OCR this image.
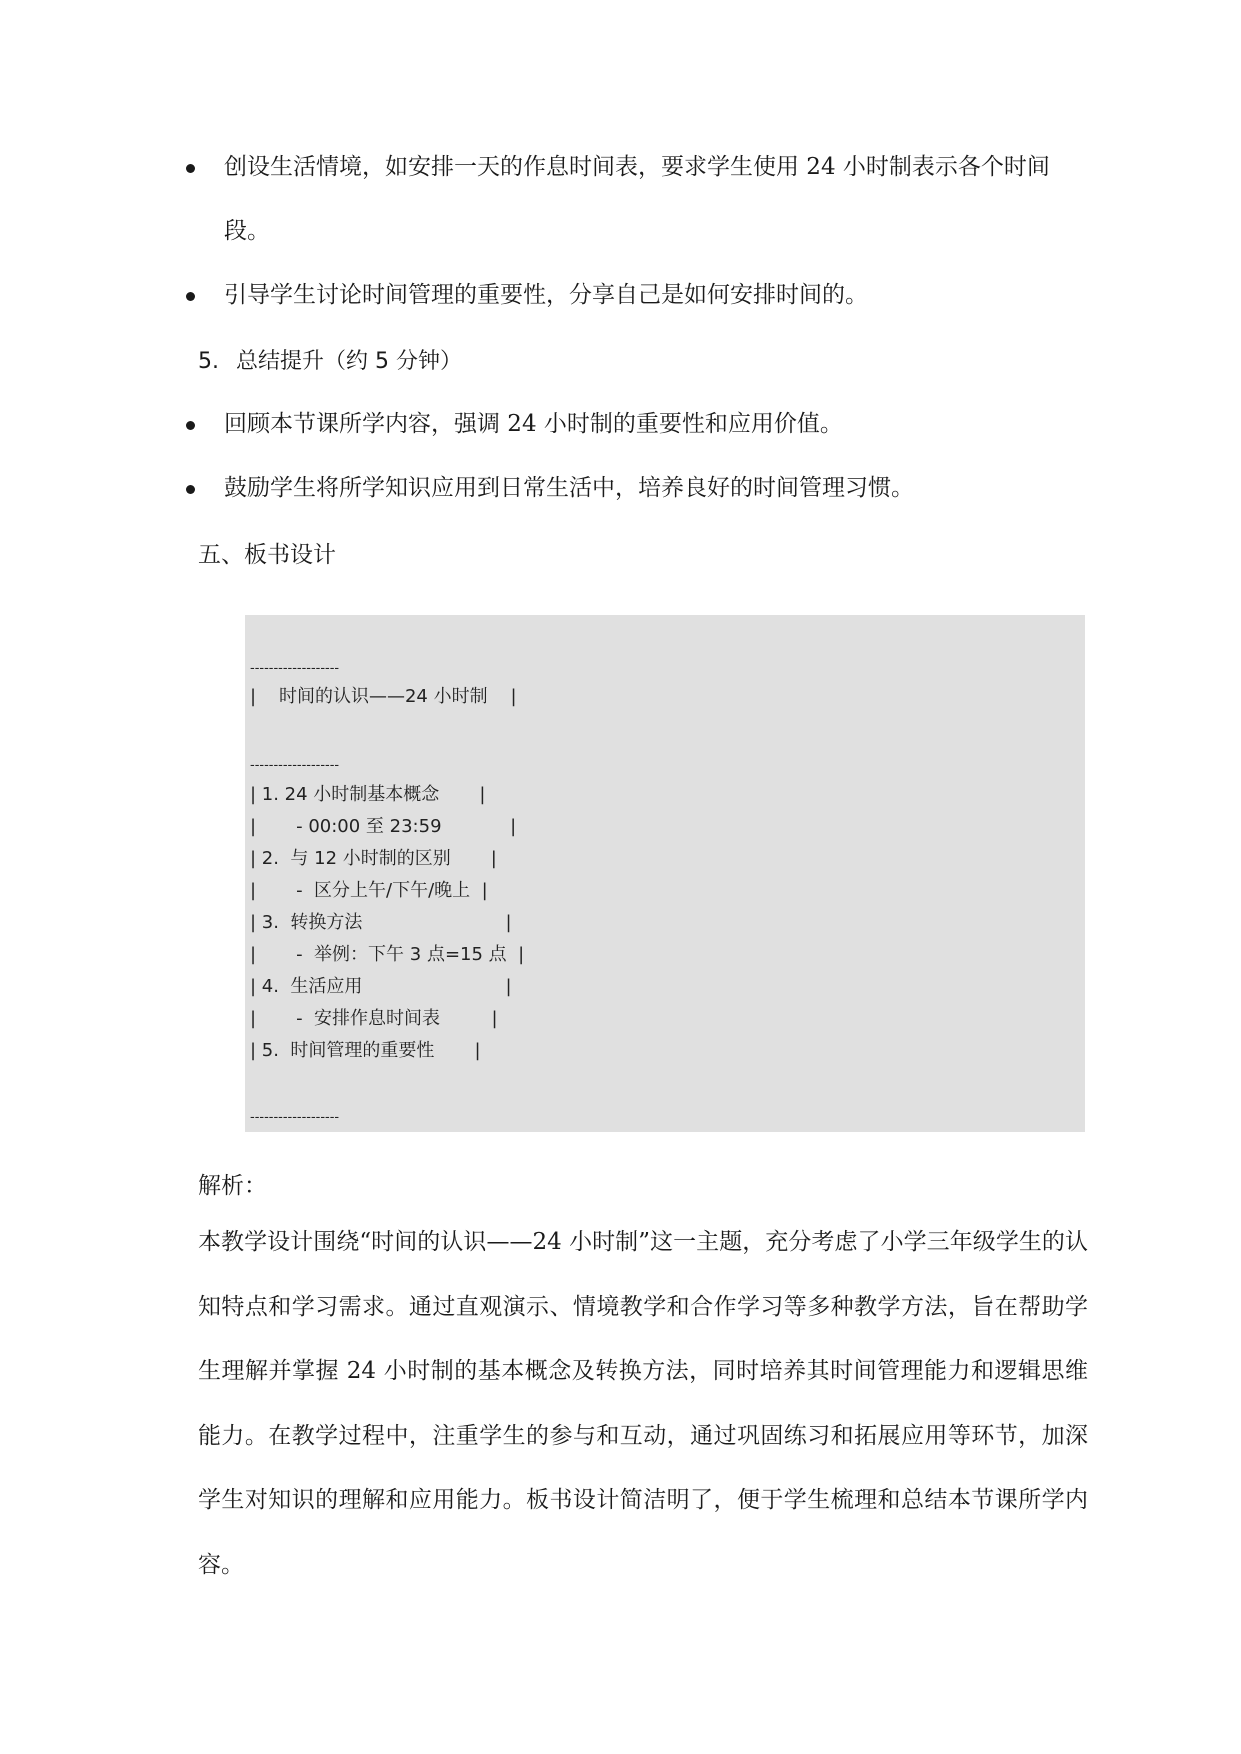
创设生活情境，如安排一天的作息时间表，要求学生使用 24 小时制表示各个时间段。
引导学生讨论时间管理的重要性，分享自己是如何安排时间的。
5. 总结提升（约 5 分钟）
回顾本节课所学内容，强调 24 小时制的重要性和应用价值。
鼓励学生将所学知识应用到日常生活中，培养良好的时间管理习惯。
五、板书设计
-------------------
|    时间的认识——24 小时制    |
-------------------
| 1. 24 小时制基本概念       |
|       - 00:00 至 23:59            |
| 2.  与 12 小时制的区别       |
|       -  区分上午/下午/晚上  |
| 3.  转换方法                         |
|       -  举例：下午 3 点=15 点  |
| 4.  生活应用                         |
|       -  安排作息时间表         |
| 5.  时间管理的重要性       |
-------------------
解析：
本教学设计围绕“时间的认识——24 小时制”这一主题，充分考虑了小学三年级学生的认知特点和学习需求。通过直观演示、情境教学和合作学习等多种教学方法，旨在帮助学生理解并掌握 24 小时制的基本概念及转换方法，同时培养其时间管理能力和逻辑思维能力。在教学过程中，注重学生的参与和互动，通过巩固练习和拓展应用等环节，加深学生对知识的理解和应用能力。板书设计简洁明了，便于学生梳理和总结本节课所学内容。
